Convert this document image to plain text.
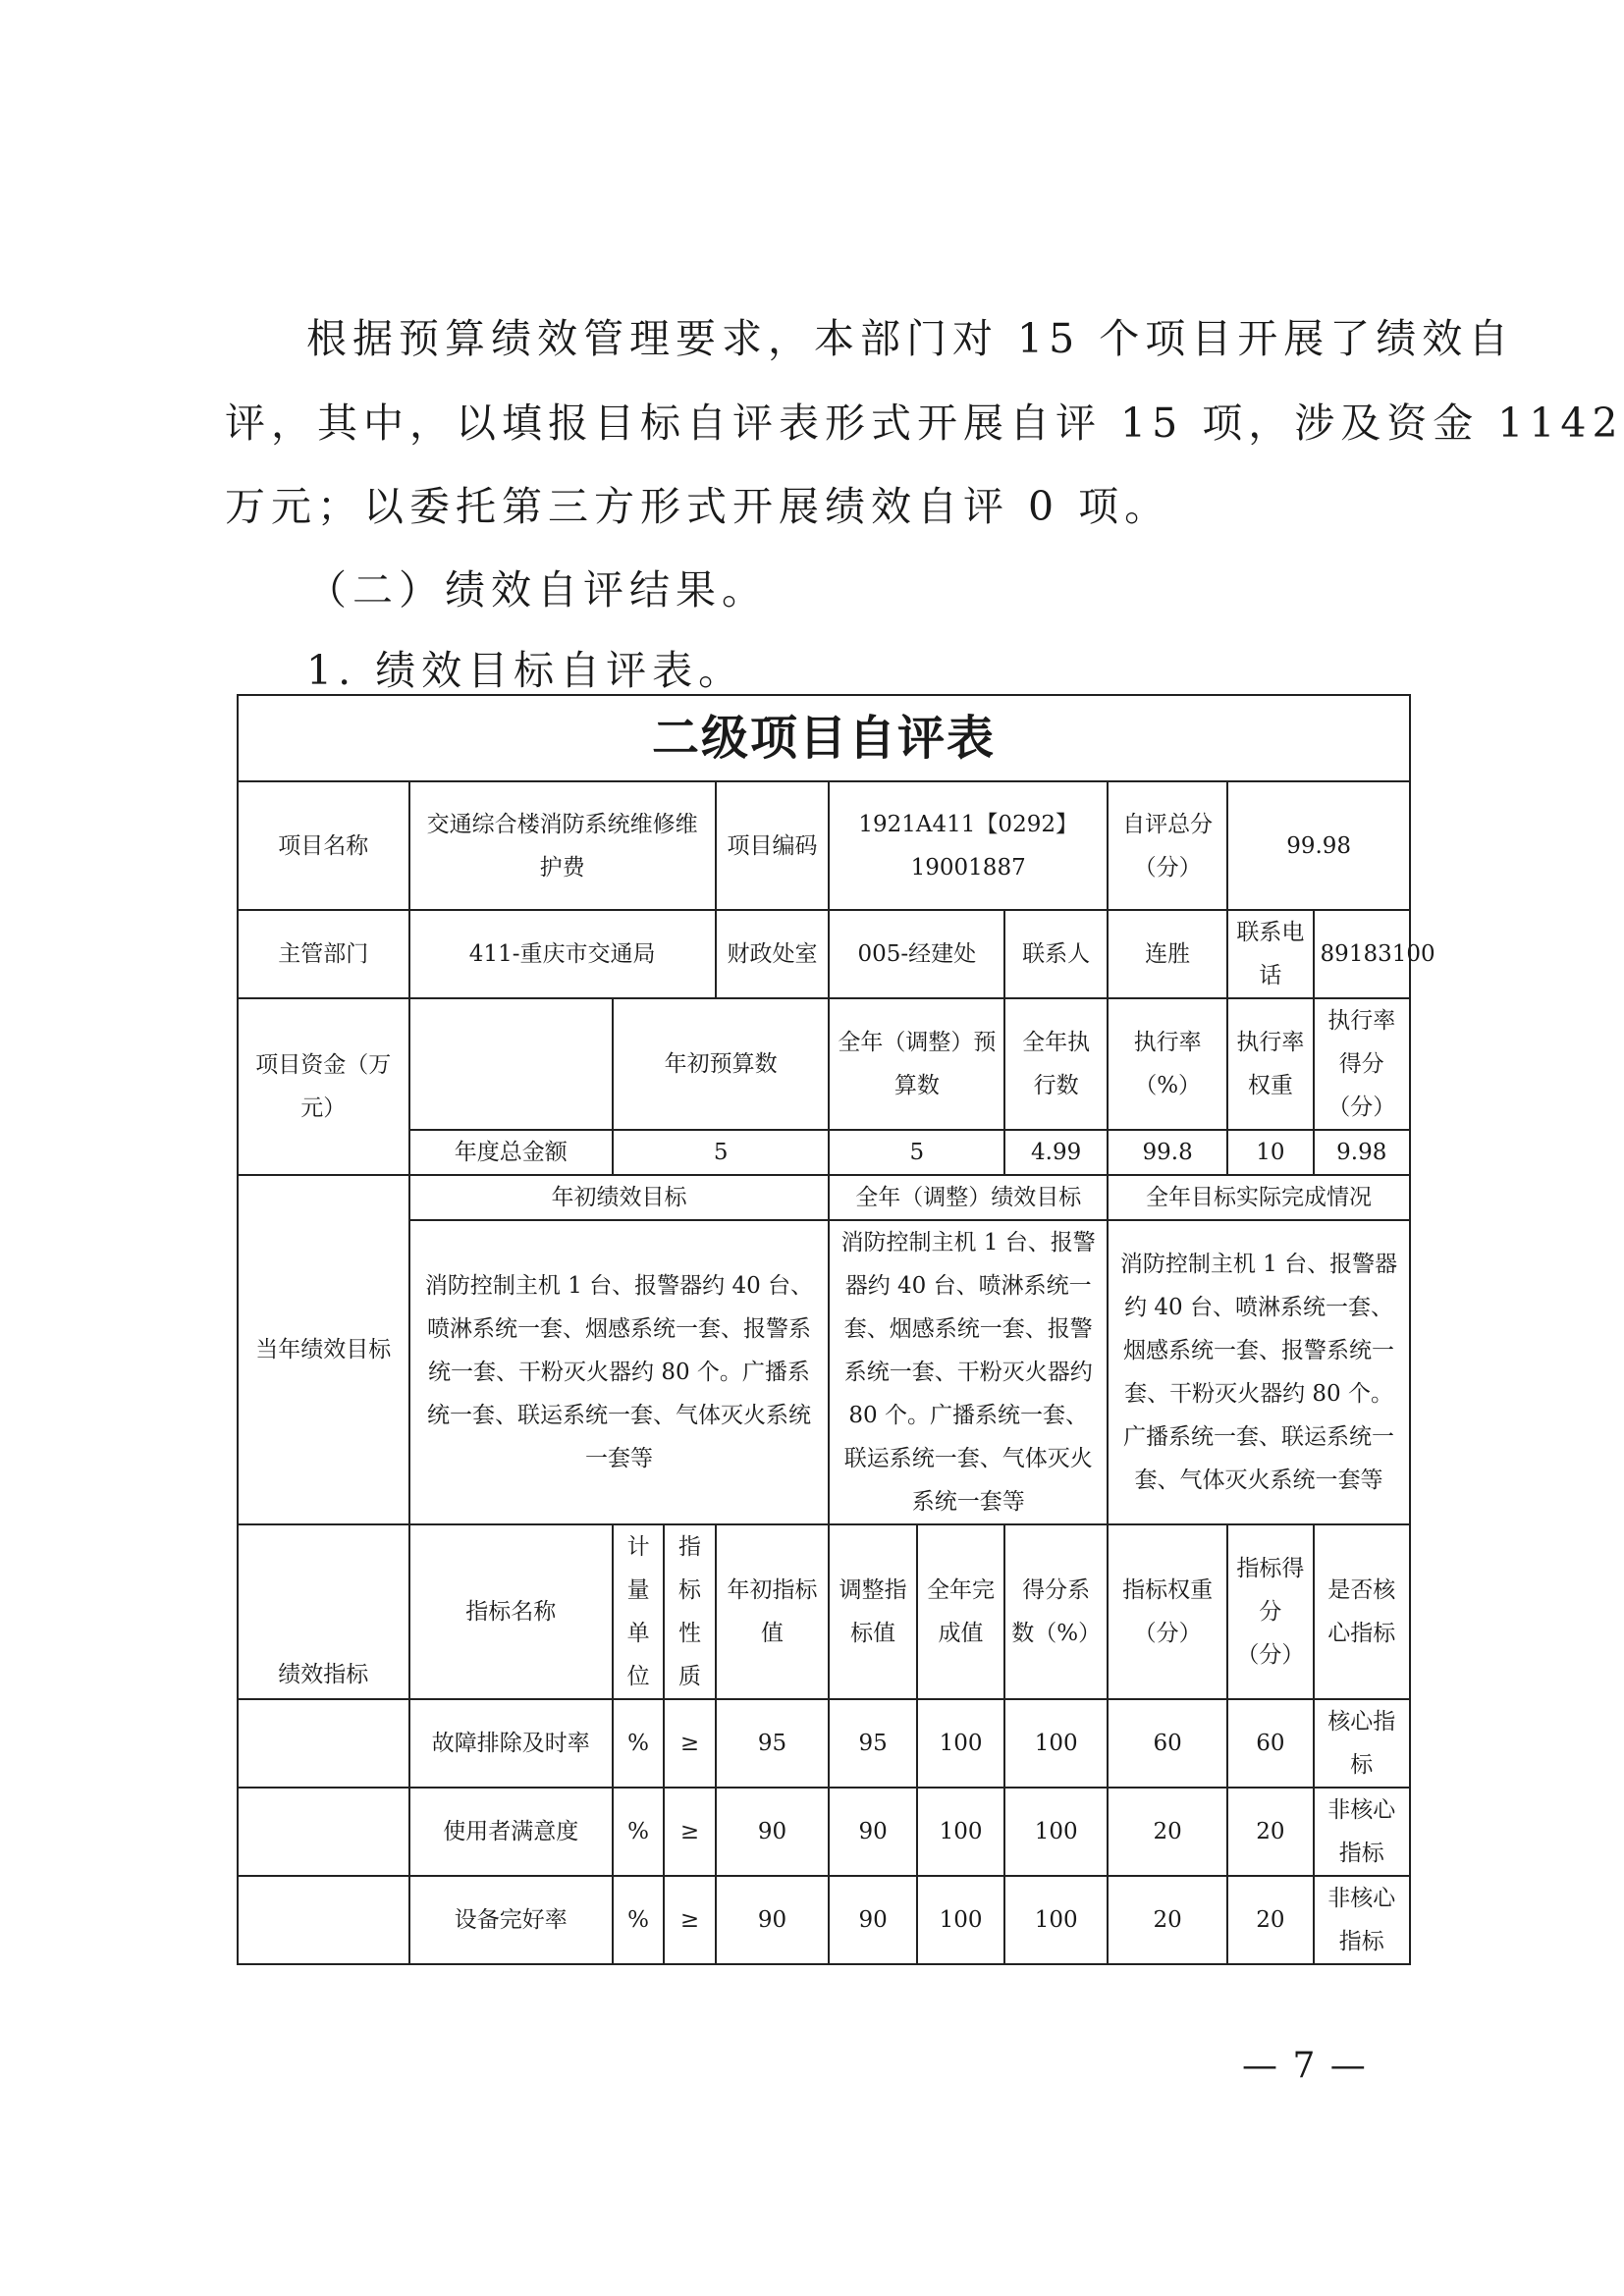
根据预算绩效管理要求，本部门对 15 个项目开展了绩效自
评，其中，以填报目标自评表形式开展自评 15 项，涉及资金 1142
万元；以委托第三方形式开展绩效自评 0 项。
（二）绩效自评结果。
1. 绩效目标自评表。
二级项目自评表										
项目名称	交通综合楼消防系统维修维护费			项目编码	1921A411【0292】19001887			自评总分（分）	99.98	
主管部门	411-重庆市交通局			财政处室	005-经建处		联系人	连胜	联系电话	89183100
项目资金（万元）		年初预算数			全年（调整）预算数		全年执行数	执行率（%）	执行率权重	执行率得分（分）
	年度总金额	5			5		4.99	99.8	10	9.98
当年绩效目标	年初绩效目标				全年（调整）绩效目标			全年目标实际完成情况		
	消防控制主机 1 台、报警器约 40 台、喷淋系统一套、烟感系统一套、报警系统一套、干粉灭火器约 80 个。广播系统一套、联运系统一套、气体灭火系统一套等				消防控制主机 1 台、报警器约 40 台、喷淋系统一套、烟感系统一套、报警系统一套、干粉灭火器约 80 个。广播系统一套、联运系统一套、气体灭火系统一套等			消防控制主机 1 台、报警器约 40 台、喷淋系统一套、烟感系统一套、报警系统一套、干粉灭火器约 80 个。广播系统一套、联运系统一套、气体灭火系统一套等		
绩效指标	指标名称	计量单位	指标性质	年初指标值	调整指标值	全年完成值	得分系数（%）	指标权重（分）	指标得分（分）	是否核心指标
	故障排除及时率	%	≥	95	95	100	100	60	60	核心指标
	使用者满意度	%	≥	90	90	100	100	20	20	非核心指标
	设备完好率	%	≥	90	90	100	100	20	20	非核心指标
— 7 —
